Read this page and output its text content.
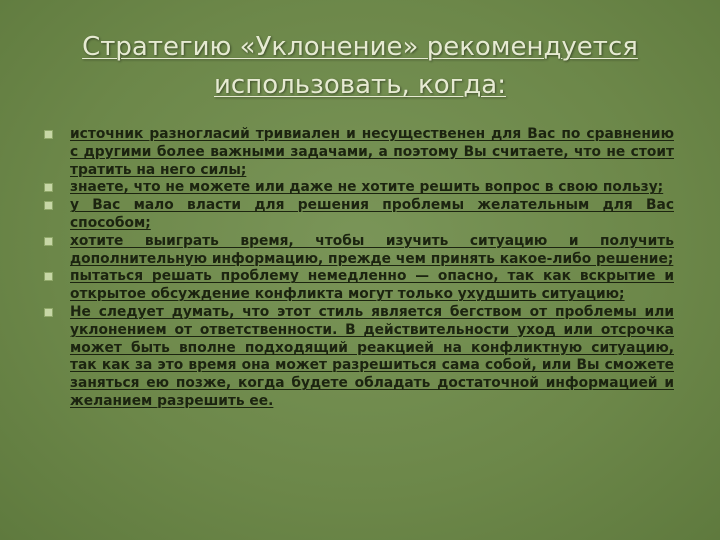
Стратегию «Уклонение» рекомендуется использовать, когда:
источник разногласий тривиален и несущественен для Вас по сравнению с другими более важными задачами, а поэтому Вы считаете, что не стоит тратить на него силы;
знаете, что не можете или даже не хотите решить вопрос в свою пользу;
у Вас мало власти для решения проблемы желательным для Вас способом;
хотите выиграть время, чтобы изучить ситуацию и получить дополнительную информацию, прежде чем принять какое-либо решение;
пытаться решать проблему немедленно — опасно, так как вскрытие и открытое обсуждение конфликта могут только ухудшить ситуацию;
Не следует думать, что этот стиль является бегством от проблемы или уклонением от ответственности. В действительности уход или отсрочка может быть вполне подходящий реакцией на конфликтную ситуацию, так как за это время она может разрешиться сама собой, или Вы сможете заняться ею позже, когда будете обладать достаточной информацией и желанием разрешить ее.
